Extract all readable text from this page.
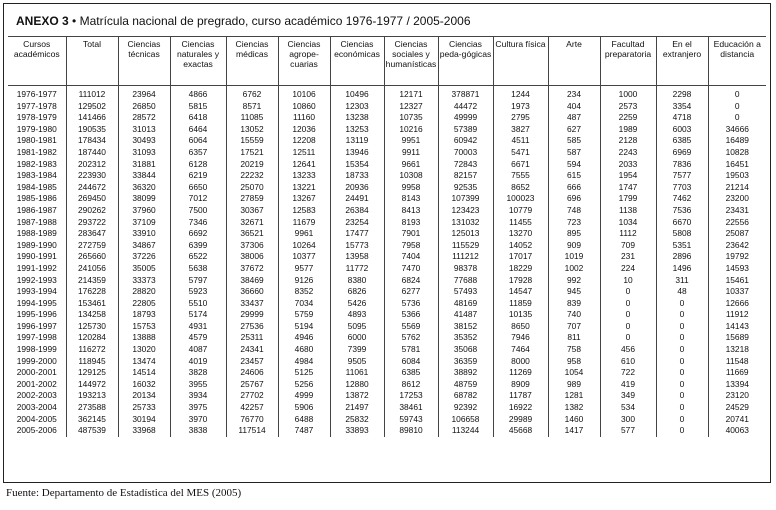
ANEXO 3 • Matrícula nacional de pregrado, curso académico 1976-1977 / 2005-2006
Cursos académicos	Total	Ciencias técnicas	Ciencias naturales y exactas	Ciencias médicas	Ciencias agrope-cuarias	Ciencias económicas	Ciencias sociales y humanísticas	Ciencias peda-gógicas	Cultura física	Arte	Facultad preparatoria	En el extranjero	Educación a distancia
1976-1977	111012	23964	4866	6762	10106	10496	12171	378871	1244	234	1000	2298	0
1977-1978	129502	26850	5815	8571	10860	12303	12327	44472	1973	404	2573	3354	0
1978-1979	141466	28572	6418	11085	11160	13238	10735	49999	2795	487	2259	4718	0
1979-1980	190535	31013	6464	13052	12036	13253	10216	57389	3827	627	1989	6003	34666
1980-1981	178434	30493	6064	15559	12208	13119	9951	60942	4511	585	2128	6385	16489
1981-1982	187440	31093	6357	17521	12511	13946	9911	70003	5471	587	2243	6969	10828
1982-1983	202312	31881	6128	20219	12641	15354	9661	72843	6671	594	2033	7836	16451
1983-1984	223930	33844	6219	22232	13233	18733	10308	82157	7555	615	1954	7577	19503
1984-1985	244672	36320	6650	25070	13221	20936	9958	92535	8652	666	1747	7703	21214
1985-1986	269450	38099	7012	27859	13267	24491	8143	107399	100023	696	1799	7462	23200
1986-1987	290262	37960	7500	30367	12583	26384	8413	123423	10779	748	1138	7536	23431
1987-1988	293722	37109	7346	32671	11679	23254	8193	131032	11455	723	1034	6670	22556
1988-1989	283647	33910	6692	36521	9961	17477	7901	125013	13270	895	1112	5808	25087
1989-1990	272759	34867	6399	37306	10264	15773	7958	115529	14052	909	709	5351	23642
1990-1991	265660	37226	6522	38006	10377	13958	7404	111212	17017	1019	231	2896	19792
1991-1992	241056	35005	5638	37672	9577	11772	7470	98378	18229	1002	224	1496	14593
1992-1993	214359	33373	5797	38469	9126	8380	6824	77688	17928	992	10	311	15461
1993-1994	176228	28820	5923	36660	8352	6826	6277	57493	14547	945	0	48	10337
1994-1995	153461	22805	5510	33437	7034	5426	5736	48169	11859	839	0	0	12666
1995-1996	134258	18793	5174	29999	5759	4893	5366	41487	10135	740	0	0	11912
1996-1997	125730	15753	4931	27536	5194	5095	5569	38152	8650	707	0	0	14143
1997-1998	120284	13888	4579	25311	4946	6000	5762	35352	7946	811	0	0	15689
1998-1999	116272	13020	4087	24341	4680	7399	5781	35068	7464	758	456	0	13218
1999-2000	118945	13474	4019	23457	4984	9505	6084	36359	8000	958	610	0	11548
2000-2001	129125	14514	3828	24606	5125	11061	6385	38892	11269	1054	722	0	11669
2001-2002	144972	16032	3955	25767	5256	12880	8612	48759	8909	989	419	0	13394
2002-2003	193213	20134	3934	27702	4999	13872	17253	68782	11787	1281	349	0	23120
2003-2004	273588	25733	3975	42257	5906	21497	38461	92392	16922	1382	534	0	24529
2004-2005	362145	30194	3970	76770	6488	25832	59743	106658	29989	1460	300	0	20741
2005-2006	487539	33968	3838	117514	7487	33893	89810	113244	45668	1417	577	0	40063
Fuente: Departamento de Estadística del MES (2005)
